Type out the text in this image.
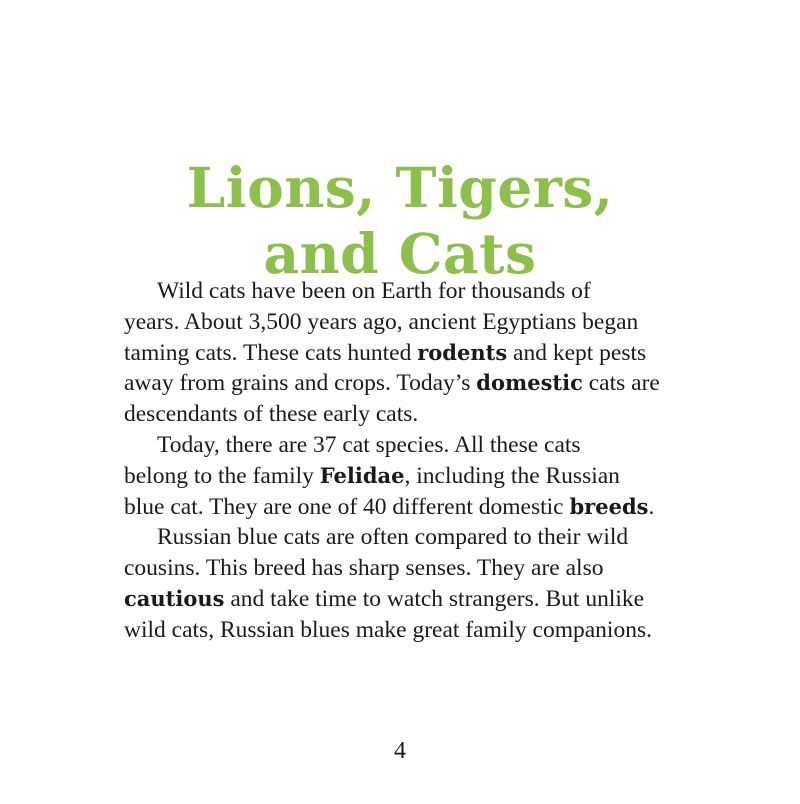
Lions, Tigers,
and Cats

Wild cats have been on Earth for thousands of
years. About 3,500 years ago, ancient Egyptians began
taming cats. These cats hunted rodents and kept pests
away from grains and crops. Today’s domestic cats are
descendants of these early cats.

Today, there are 37 cat species. All these cats
belong to the family Felidae, including the Russian
blue cat. They are one of 40 different domestic breeds.

Russian blue cats are often compared to their wild
cousins. This breed has sharp senses. They are also
cautious and take time to watch strangers. But unlike
wild cats, Russian blues make great family companions.

4
